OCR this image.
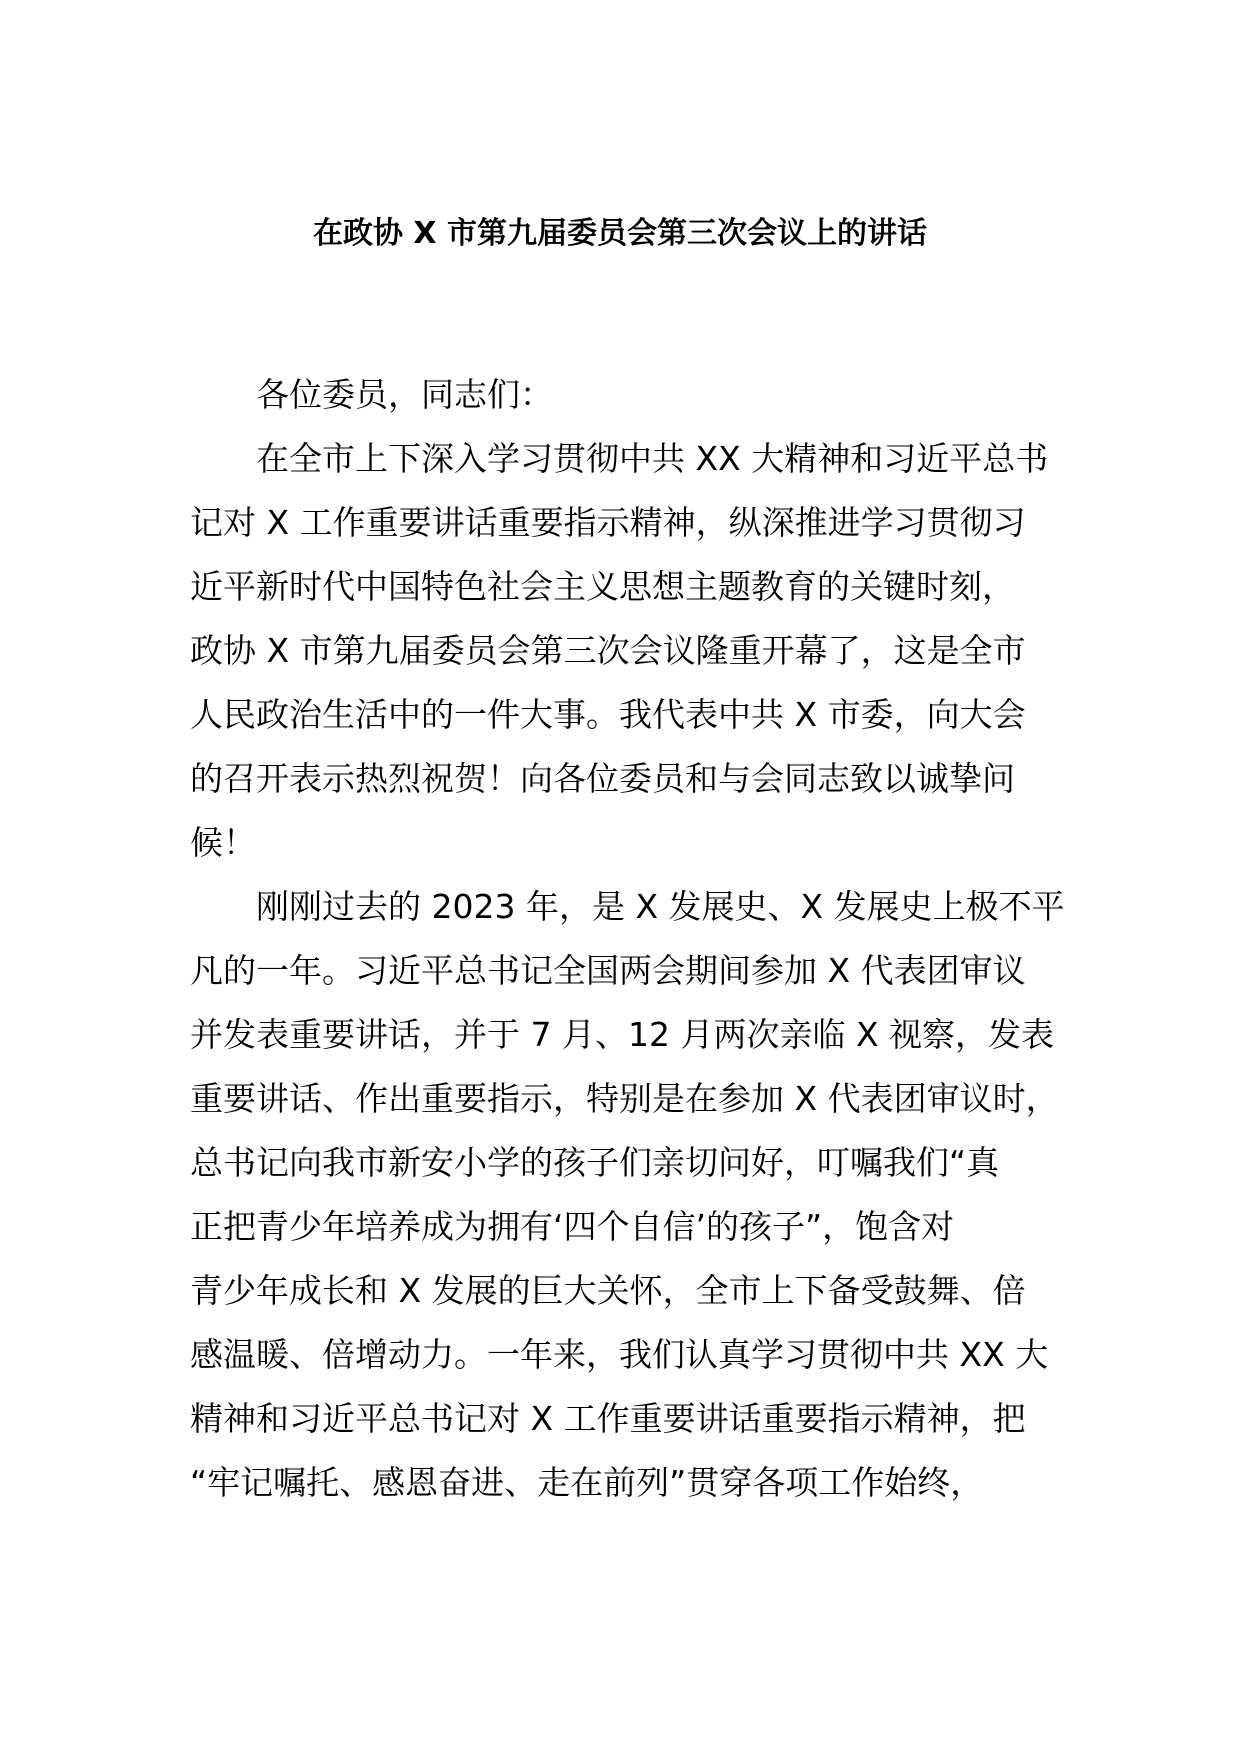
在政协 X 市第九届委员会第三次会议上的讲话

各位委员，同志们：

在全市上下深入学习贯彻中共 XX 大精神和习近平总书

记对 X 工作重要讲话重要指示精神，纵深推进学习贯彻习

近平新时代中国特色社会主义思想主题教育的关键时刻，

政协 X 市第九届委员会第三次会议隆重开幕了，这是全市

人民政治生活中的一件大事。我代表中共 X 市委，向大会

的召开表示热烈祝贺！向各位委员和与会同志致以诚挚问

候！

刚刚过去的 2023 年，是 X 发展史、X 发展史上极不平

凡的一年。习近平总书记全国两会期间参加 X 代表团审议

并发表重要讲话，并于 7 月、12 月两次亲临 X 视察，发表

重要讲话、作出重要指示，特别是在参加 X 代表团审议时，

总书记向我市新安小学的孩子们亲切问好，叮嘱我们“真

正把青少年培养成为拥有‘四个自信’的孩子”，饱含对

青少年成长和 X 发展的巨大关怀，全市上下备受鼓舞、倍

感温暖、倍增动力。一年来，我们认真学习贯彻中共 XX 大

精神和习近平总书记对 X 工作重要讲话重要指示精神，把

“牢记嘱托、感恩奋进、走在前列”贯穿各项工作始终，
